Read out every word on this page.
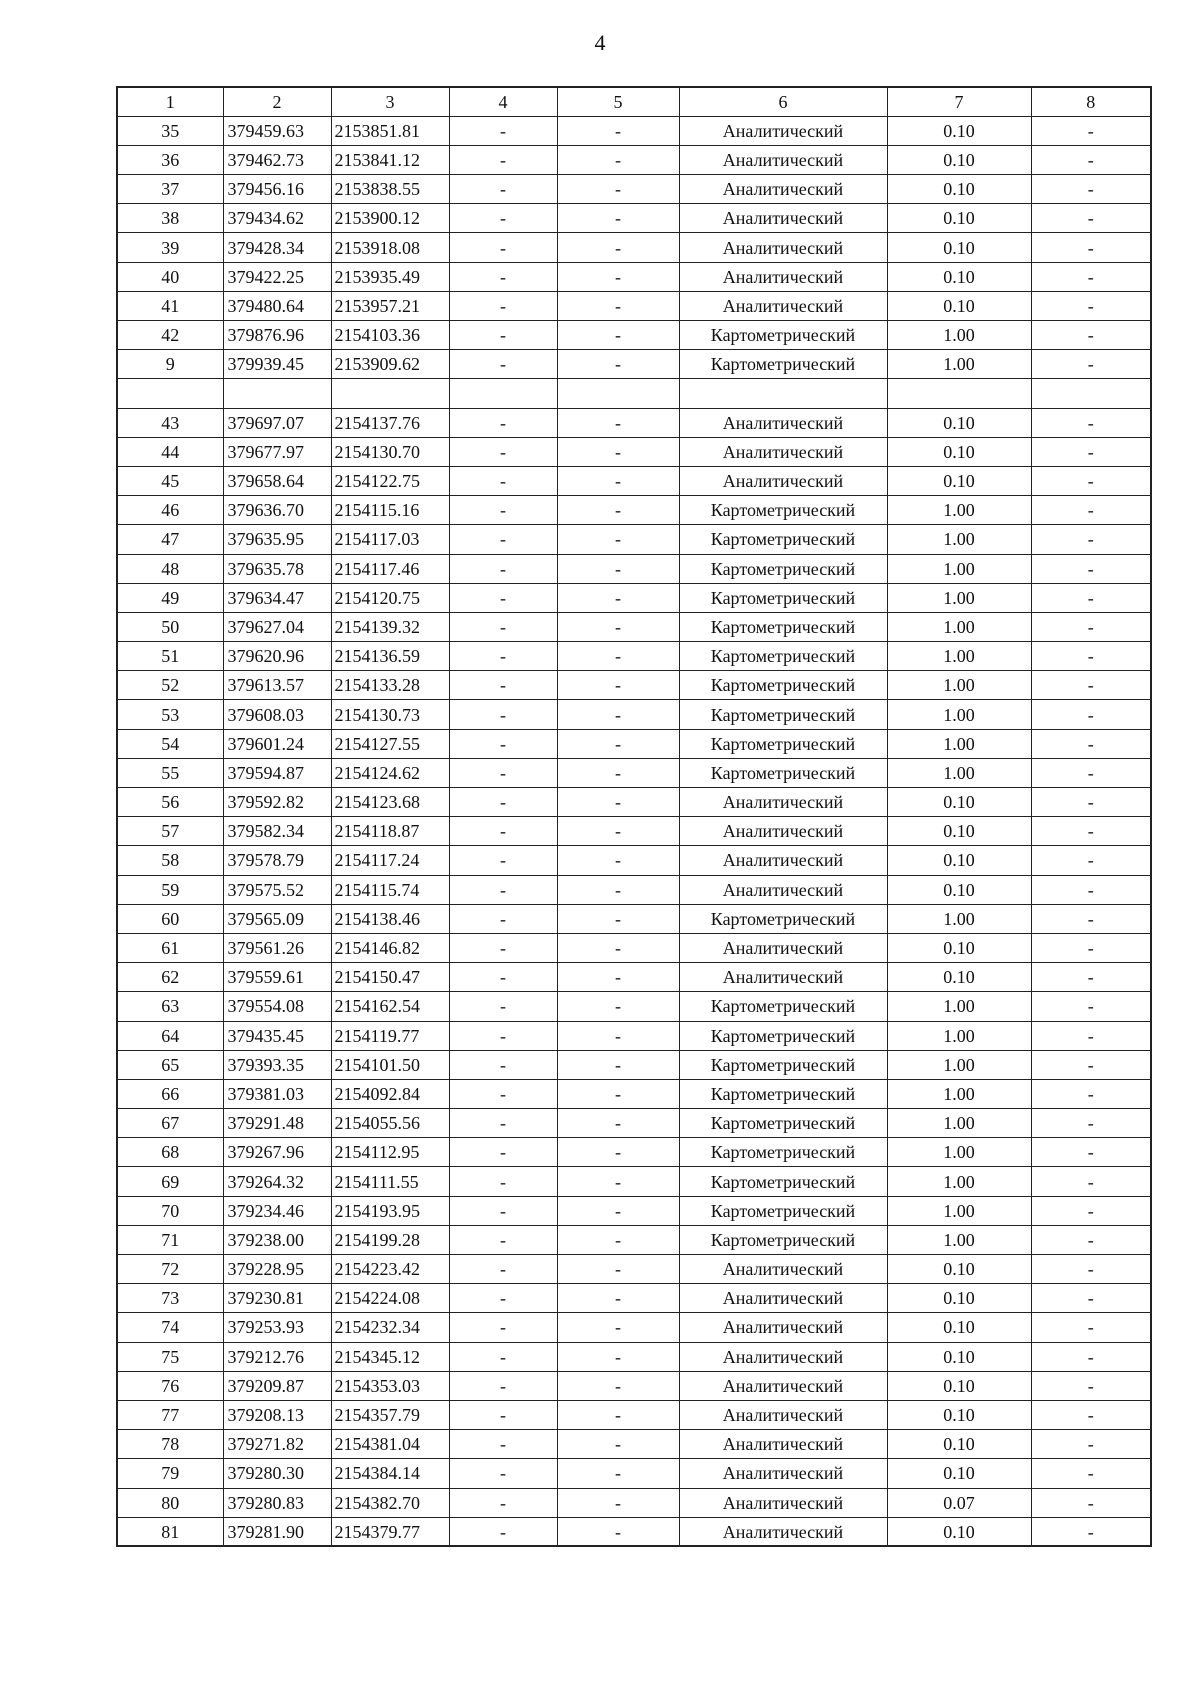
4
1	2	3	4	5	6	7	8
35	379459.63	2153851.81	-	-	Аналитический	0.10	-
36	379462.73	2153841.12	-	-	Аналитический	0.10	-
37	379456.16	2153838.55	-	-	Аналитический	0.10	-
38	379434.62	2153900.12	-	-	Аналитический	0.10	-
39	379428.34	2153918.08	-	-	Аналитический	0.10	-
40	379422.25	2153935.49	-	-	Аналитический	0.10	-
41	379480.64	2153957.21	-	-	Аналитический	0.10	-
42	379876.96	2154103.36	-	-	Картометрический	1.00	-
9	379939.45	2153909.62	-	-	Картометрический	1.00	-

43	379697.07	2154137.76	-	-	Аналитический	0.10	-
44	379677.97	2154130.70	-	-	Аналитический	0.10	-
45	379658.64	2154122.75	-	-	Аналитический	0.10	-
46	379636.70	2154115.16	-	-	Картометрический	1.00	-
47	379635.95	2154117.03	-	-	Картометрический	1.00	-
48	379635.78	2154117.46	-	-	Картометрический	1.00	-
49	379634.47	2154120.75	-	-	Картометрический	1.00	-
50	379627.04	2154139.32	-	-	Картометрический	1.00	-
51	379620.96	2154136.59	-	-	Картометрический	1.00	-
52	379613.57	2154133.28	-	-	Картометрический	1.00	-
53	379608.03	2154130.73	-	-	Картометрический	1.00	-
54	379601.24	2154127.55	-	-	Картометрический	1.00	-
55	379594.87	2154124.62	-	-	Картометрический	1.00	-
56	379592.82	2154123.68	-	-	Аналитический	0.10	-
57	379582.34	2154118.87	-	-	Аналитический	0.10	-
58	379578.79	2154117.24	-	-	Аналитический	0.10	-
59	379575.52	2154115.74	-	-	Аналитический	0.10	-
60	379565.09	2154138.46	-	-	Картометрический	1.00	-
61	379561.26	2154146.82	-	-	Аналитический	0.10	-
62	379559.61	2154150.47	-	-	Аналитический	0.10	-
63	379554.08	2154162.54	-	-	Картометрический	1.00	-
64	379435.45	2154119.77	-	-	Картометрический	1.00	-
65	379393.35	2154101.50	-	-	Картометрический	1.00	-
66	379381.03	2154092.84	-	-	Картометрический	1.00	-
67	379291.48	2154055.56	-	-	Картометрический	1.00	-
68	379267.96	2154112.95	-	-	Картометрический	1.00	-
69	379264.32	2154111.55	-	-	Картометрический	1.00	-
70	379234.46	2154193.95	-	-	Картометрический	1.00	-
71	379238.00	2154199.28	-	-	Картометрический	1.00	-
72	379228.95	2154223.42	-	-	Аналитический	0.10	-
73	379230.81	2154224.08	-	-	Аналитический	0.10	-
74	379253.93	2154232.34	-	-	Аналитический	0.10	-
75	379212.76	2154345.12	-	-	Аналитический	0.10	-
76	379209.87	2154353.03	-	-	Аналитический	0.10	-
77	379208.13	2154357.79	-	-	Аналитический	0.10	-
78	379271.82	2154381.04	-	-	Аналитический	0.10	-
79	379280.30	2154384.14	-	-	Аналитический	0.10	-
80	379280.83	2154382.70	-	-	Аналитический	0.07	-
81	379281.90	2154379.77	-	-	Аналитический	0.10	-
